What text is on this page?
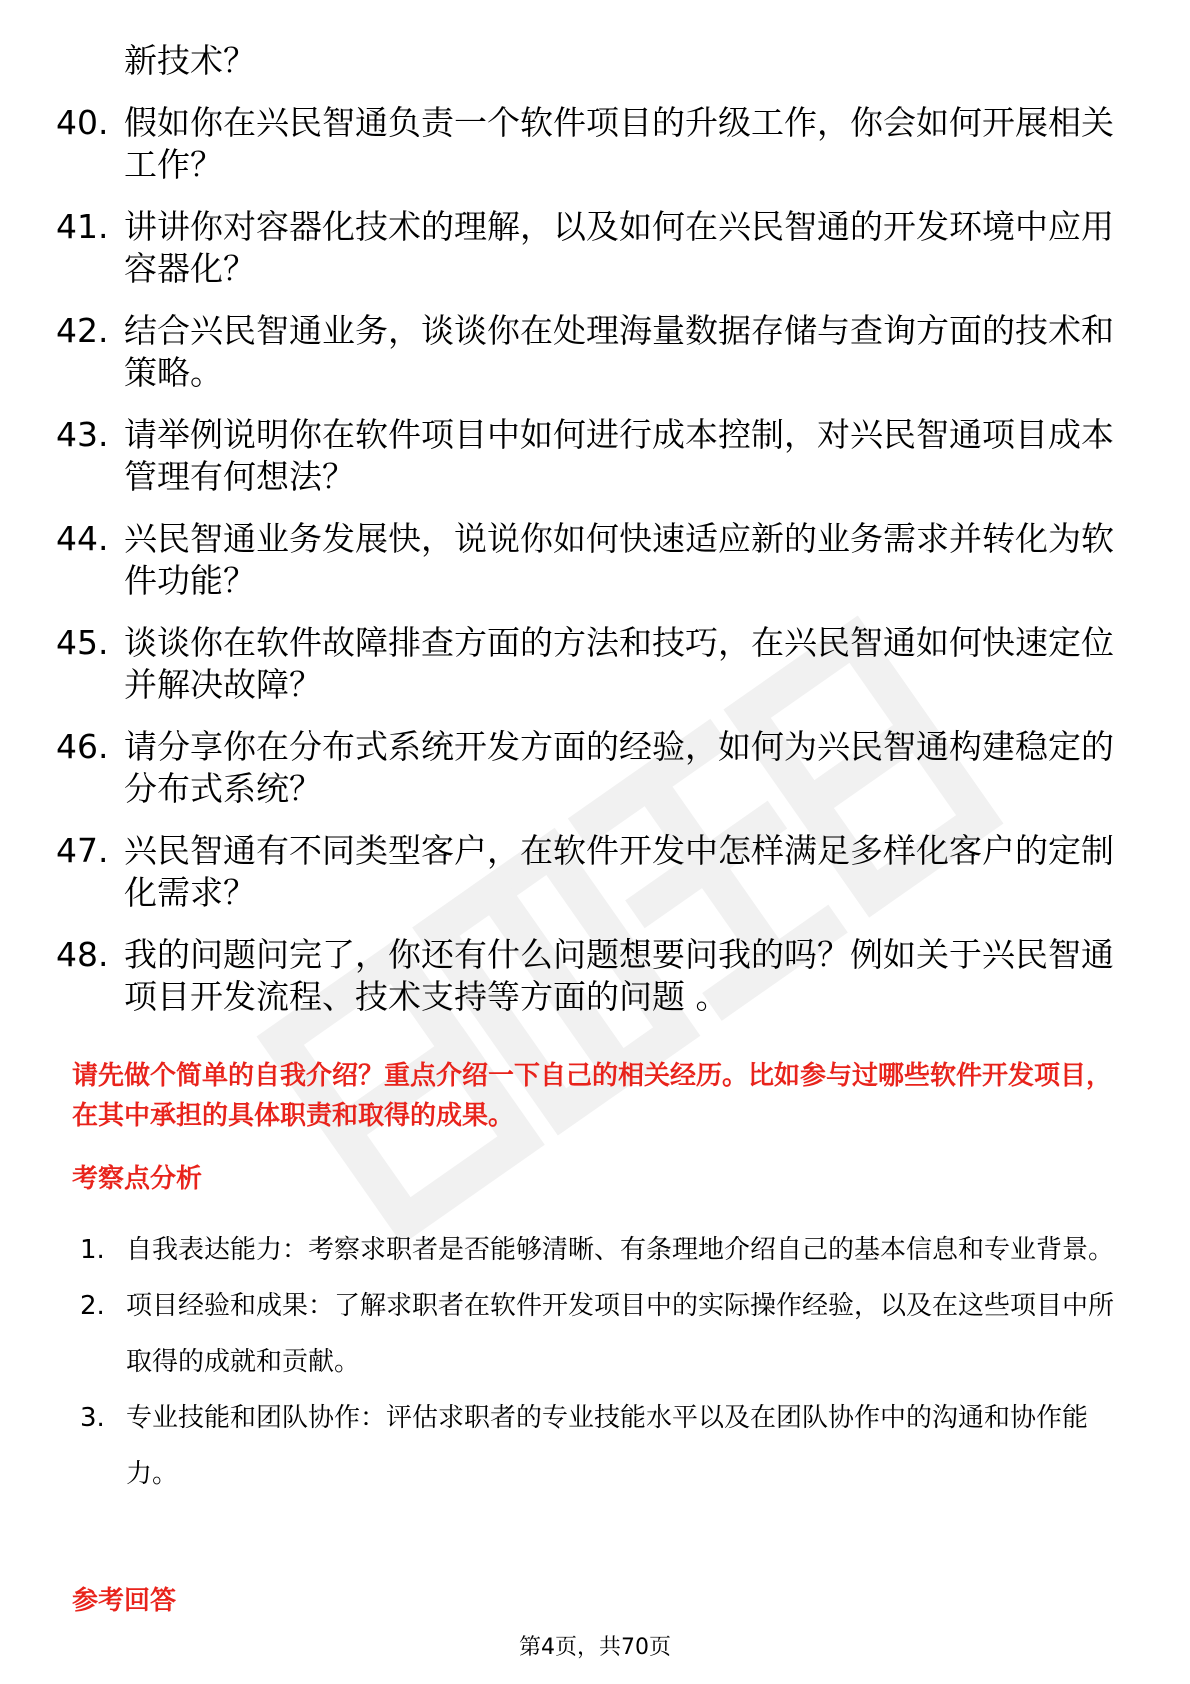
新技术？
40. 假如你在兴民智通负责一个软件项目的升级工作，你会如何开展相关工作？
41. 讲讲你对容器化技术的理解，以及如何在兴民智通的开发环境中应用容器化？
42. 结合兴民智通业务，谈谈你在处理海量数据存储与查询方面的技术和策略。
43. 请举例说明你在软件项目中如何进行成本控制，对兴民智通项目成本管理有何想法？
44. 兴民智通业务发展快，说说你如何快速适应新的业务需求并转化为软件功能？
45. 谈谈你在软件故障排查方面的方法和技巧，在兴民智通如何快速定位并解决故障？
46. 请分享你在分布式系统开发方面的经验，如何为兴民智通构建稳定的分布式系统？
47. 兴民智通有不同类型客户，在软件开发中怎样满足多样化客户的定制化需求？
48. 我的问题问完了，你还有什么问题想要问我的吗？例如关于兴民智通项目开发流程、技术支持等方面的问题 。
请先做个简单的自我介绍？重点介绍一下自己的相关经历。比如参与过哪些软件开发项目，在其中承担的具体职责和取得的成果。
考察点分析
1. 自我表达能力：考察求职者是否能够清晰、有条理地介绍自己的基本信息和专业背景。
2. 项目经验和成果：了解求职者在软件开发项目中的实际操作经验，以及在这些项目中所取得的成就和贡献。
3. 专业技能和团队协作：评估求职者的专业技能水平以及在团队协作中的沟通和协作能力。
参考回答
第4页，共70页
